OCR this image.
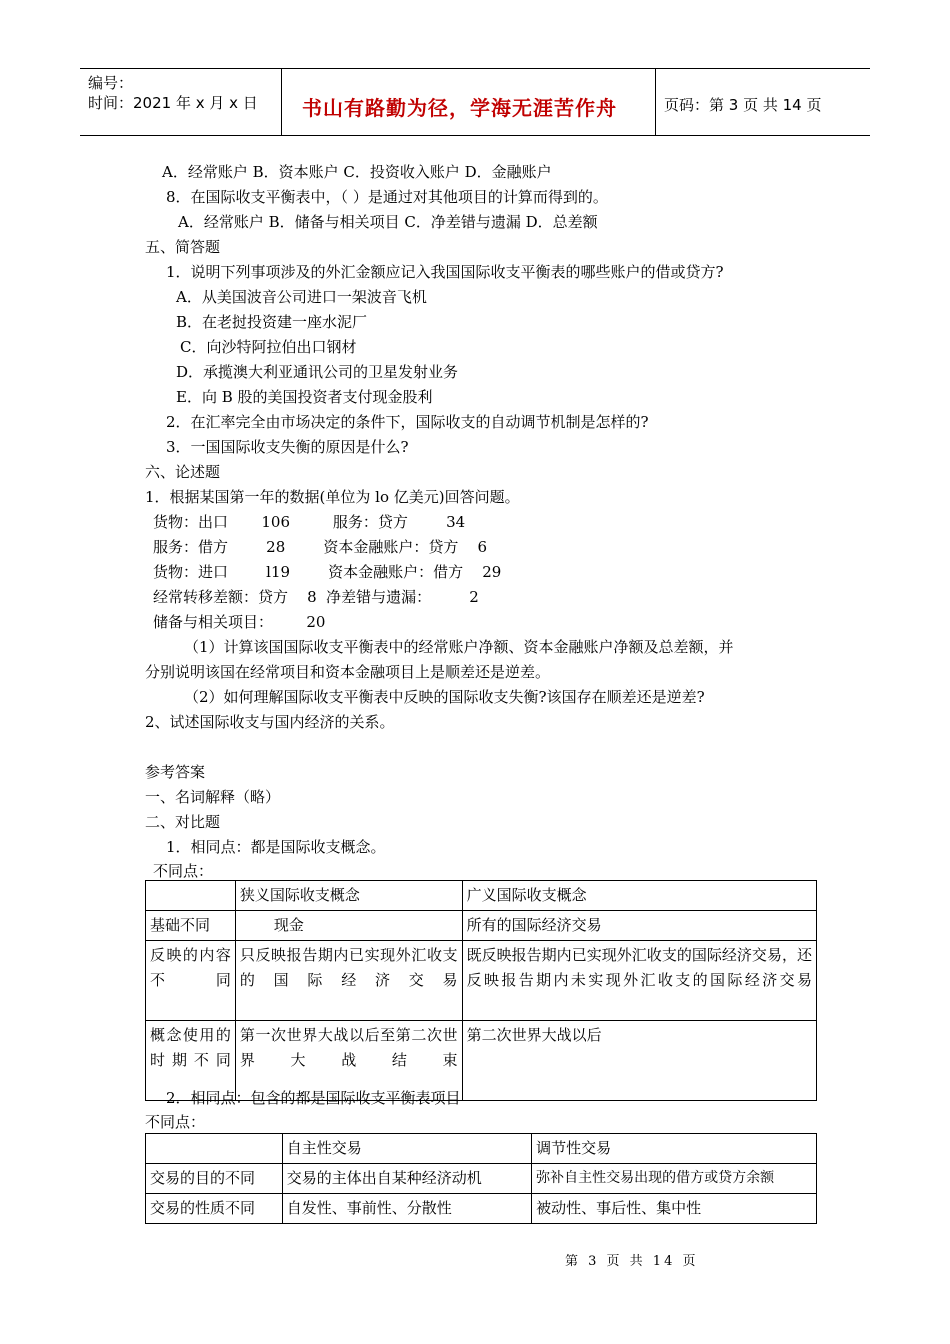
编号：
时间：2021 年 x 月 x 日 书山有路勤为径，学海无涯苦作舟	页码：第 3 页 共 14 页
A．经常账户 B．资本账户 C．投资收入账户 D．金融账户
8．在国际收支平衡表中，（ ）是通过对其他项目的计算而得到的。
A．经常账户 B．储备与相关项目 C．净差错与遗漏 D．总差额
五、简答题
1．说明下列事项涉及的外汇金额应记入我国国际收支平衡表的哪些账户的借或贷方?
A．从美国波音公司进口一架波音飞机
B．在老挝投资建一座水泥厂
C．向沙特阿拉伯出口钢材
D．承揽澳大利亚通讯公司的卫星发射业务
E．向 B 股的美国投资者支付现金股利
2．在汇率完全由市场决定的条件下，国际收支的自动调节机制是怎样的?
3．一国国际收支失衡的原因是什么?
六、论述题
1．根据某国第一年的数据(单位为 lo 亿美元)回答问题。
货物：出口       106         服务：贷方        34
服务：借方        28        资本金融账户：贷方    6
货物：进口        l19        资本金融账户：借方    29
经常转移差额：贷方    8  净差错与遗漏：        2
储备与相关项目：       20
（1）计算该国国际收支平衡表中的经常账户净额、资本金融账户净额及总差额，并
分别说明该国在经常项目和资本金融项目上是顺差还是逆差。
（2）如何理解国际收支平衡表中反映的国际收支失衡?该国存在顺差还是逆差?
2、试述国际收支与国内经济的关系。
参考答案
一、名词解释（略）
二、对比题
1．相同点：都是国际收支概念。
不同点：
	狭义国际收支概念	广义国际收支概念
基础不同	现金	所有的国际经济交易
反映的内容不同	只反映报告期内已实现外汇收支的国际经济交易	既反映报告期内已实现外汇收支的国际经济交易，还反映报告期内未实现外汇收支的国际经济交易
概念使用的时期不同	第一次世界大战以后至第二次世界大战结束	第二次世界大战以后
2．相同点：包含的都是国际收支平衡表项目
不同点：
	自主性交易	调节性交易
交易的目的不同	交易的主体出自某种经济动机	弥补自主性交易出现的借方或贷方余额
交易的性质不同	自发性、事前性、分散性	被动性、事后性、集中性
第 3 页 共 14 页
